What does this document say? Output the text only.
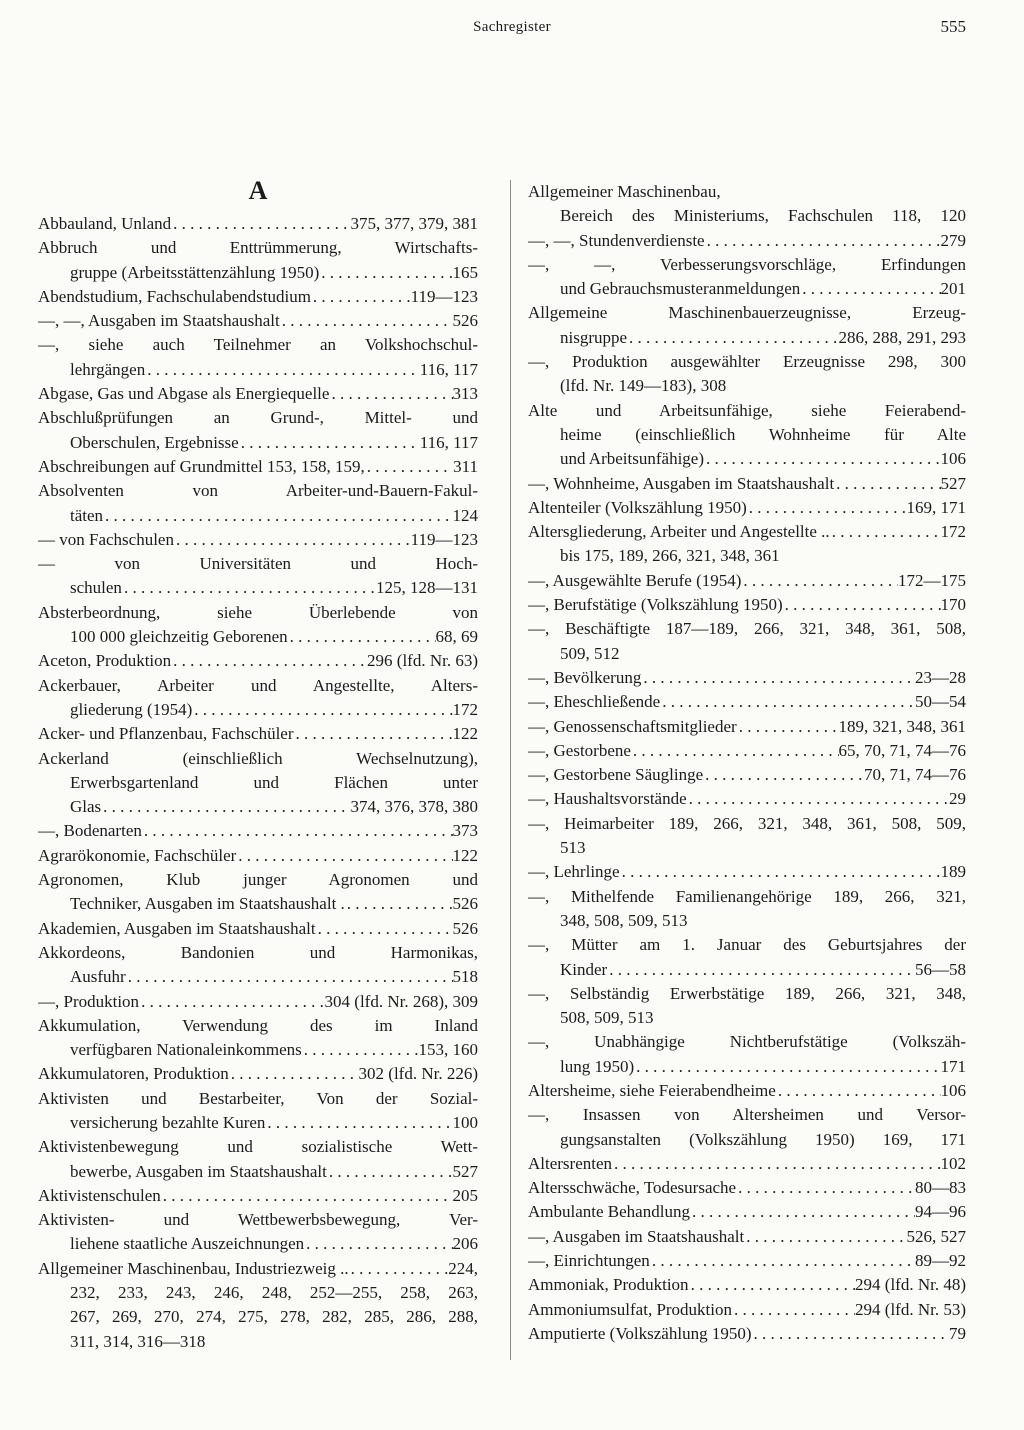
Sachregister	555
A
Abbauland, Unland . . .	375, 377, 379, 381
Abbruch und Enttrümmerung, Wirtschafts-
gruppe (Arbeitsstättenzählung 1950) . . .	165
Abendstudium, Fachschulabendstudium . . .	119—123
—, —, Ausgaben im Staatshaushalt . . .	526
—, siehe auch Teilnehmer an Volkshochschul-
lehrgängen . . .	116, 117
Abgase, Gas und Abgase als Energiequelle . . .	313
Abschlußprüfungen an Grund-, Mittel- und
Oberschulen, Ergebnisse . . .	116, 117
Abschreibungen auf Grundmittel 153, 158, 159, . . .	311
Absolventen von Arbeiter-und-Bauern-Fakul-
täten . . .	124
— von Fachschulen . . .	119—123
— von Universitäten und Hoch-
schulen . . .	125, 128—131
Absterbeordnung, siehe Überlebende von
100 000 gleichzeitig Geborenen . . .	68, 69
Aceton, Produktion . . .	296 (lfd. Nr. 63)
Ackerbauer, Arbeiter und Angestellte, Alters-
gliederung (1954) . . .	172
Acker- und Pflanzenbau, Fachschüler . . .	122
Ackerland (einschließlich Wechselnutzung),
Erwerbsgartenland und Flächen unter
Glas . . .	374, 376, 378, 380
—, Bodenarten . . .	373
Agrarökonomie, Fachschüler . . .	122
Agronomen, Klub junger Agronomen und
Techniker, Ausgaben im Staatshaushalt . . . .	526
Akademien, Ausgaben im Staatshaushalt . . .	526
Akkordeons, Bandonien und Harmonikas,
Ausfuhr . . .	518
—, Produktion . . .	304 (lfd. Nr. 268), 309
Akkumulation, Verwendung des im Inland
verfügbaren Nationaleinkommens . . .	153, 160
Akkumulatoren, Produktion . . .	302 (lfd. Nr. 226)
Aktivisten und Bestarbeiter, Von der Sozial-
versicherung bezahlte Kuren . . .	100
Aktivistenbewegung und sozialistische Wett-
bewerbe, Ausgaben im Staatshaushalt . . .	527
Aktivistenschulen . . .	205
Aktivisten- und Wettbewerbsbewegung, Ver-
liehene staatliche Auszeichnungen . . .	206
Allgemeiner Maschinenbau, Industriezweig .. . . .	224,
232, 233, 243, 246, 248, 252—255, 258, 263,
267, 269, 270, 274, 275, 278, 282, 285, 286, 288,
311, 314, 316—318
Allgemeiner Maschinenbau,
Bereich des Ministeriums, Fachschulen 118, 120
—, —, Stundenverdienste . . .	279
—, —, Verbesserungsvorschläge, Erfindungen
und Gebrauchsmusteranmeldungen . . .	201
Allgemeine Maschinenbauerzeugnisse, Erzeug-
nisgruppe . . .	286, 288, 291, 293
—, Produktion ausgewählter Erzeugnisse 298, 300
(lfd. Nr. 149—183), 308
Alte und Arbeitsunfähige, siehe Feierabend-
heime (einschließlich Wohnheime für Alte
und Arbeitsunfähige) . . .	106
—, Wohnheime, Ausgaben im Staatshaushalt . . .	527
Altenteiler (Volkszählung 1950) . . .	169, 171
Altersgliederung, Arbeiter und Angestellte .. . . .	172
bis 175, 189, 266, 321, 348, 361
—, Ausgewählte Berufe (1954) . . .	172—175
—, Berufstätige (Volkszählung 1950) . . .	170
—, Beschäftigte 187—189, 266, 321, 348, 361, 508,
509, 512
—, Bevölkerung . . .	23—28
—, Eheschließende . . .	50—54
—, Genossenschaftsmitglieder . . .	189, 321, 348, 361
—, Gestorbene . . .	65, 70, 71, 74—76
—, Gestorbene Säuglinge . . .	70, 71, 74—76
—, Haushaltsvorstände . . .	29
—, Heimarbeiter 189, 266, 321, 348, 361, 508, 509,
513
—, Lehrlinge . . .	189
—, Mithelfende Familienangehörige 189, 266, 321,
348, 508, 509, 513
—, Mütter am 1. Januar des Geburtsjahres der
Kinder . . .	56—58
—, Selbständig Erwerbstätige 189, 266, 321, 348,
508, 509, 513
—, Unabhängige Nichtberufstätige (Volkszäh-
lung 1950) . . .	171
Altersheime, siehe Feierabendheime . . .	106
—, Insassen von Altersheimen und Versor-
gungsanstalten (Volkszählung 1950) 169, 171
Altersrenten . . .	102
Altersschwäche, Todesursache . . .	80—83
Ambulante Behandlung . . .	94—96
—, Ausgaben im Staatshaushalt . . .	526, 527
—, Einrichtungen . . .	89—92
Ammoniak, Produktion . . .	294 (lfd. Nr. 48)
Ammoniumsulfat, Produktion . . .	294 (lfd. Nr. 53)
Amputierte (Volkszählung 1950) . . .	79
